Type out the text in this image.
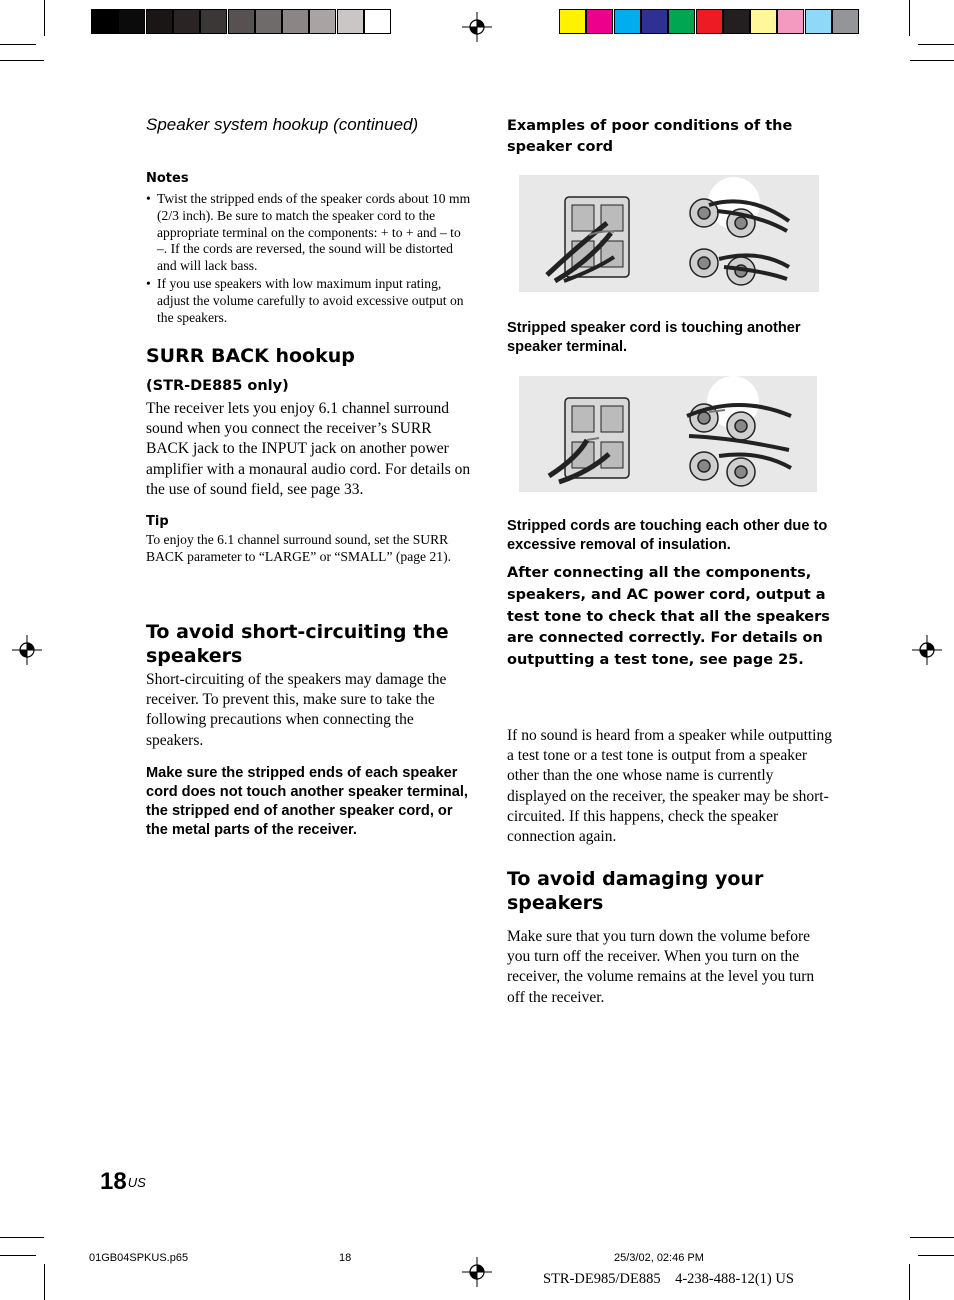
Speaker system hookup (continued)
Notes
• Twist the stripped ends of the speaker cords about 10 mm (2/3 inch). Be sure to match the speaker cord to the appropriate terminal on the components: + to + and – to –. If the cords are reversed, the sound will be distorted and will lack bass.
• If you use speakers with low maximum input rating, adjust the volume carefully to avoid excessive output on the speakers.
SURR BACK hookup
(STR-DE885 only)
The receiver lets you enjoy 6.1 channel surround sound when you connect the receiver’s SURR BACK jack to the INPUT jack on another power amplifier with a monaural audio cord. For details on the use of sound field, see page 33.
Tip
To enjoy the 6.1 channel surround sound, set the SURR BACK parameter to “LARGE” or “SMALL” (page 21).
To avoid short-circuiting the speakers
Short-circuiting of the speakers may damage the receiver. To prevent this, make sure to take the following precautions when connecting the speakers.
Make sure the stripped ends of each speaker cord does not touch another speaker terminal, the stripped end of another speaker cord, or the metal parts of the receiver.
Examples of poor conditions of the speaker cord
Stripped speaker cord is touching another speaker terminal.
Stripped cords are touching each other due to excessive removal of insulation.
After connecting all the components, speakers, and AC power cord, output a test tone to check that all the speakers are connected correctly. For details on outputting a test tone, see page 25.
If no sound is heard from a speaker while outputting a test tone or a test tone is output from a speaker other than the one whose name is currently displayed on the receiver, the speaker may be short-circuited. If this happens, check the speaker connection again.
To avoid damaging your speakers
Make sure that you turn down the volume before you turn off the receiver. When you turn on the receiver, the volume remains at the level you turn off the receiver.
$18^{US}$
01GB04SPKUS.p65	18	25/3/02, 02:46 PM
STR-DE985/DE885    4-238-488-12(1) US
